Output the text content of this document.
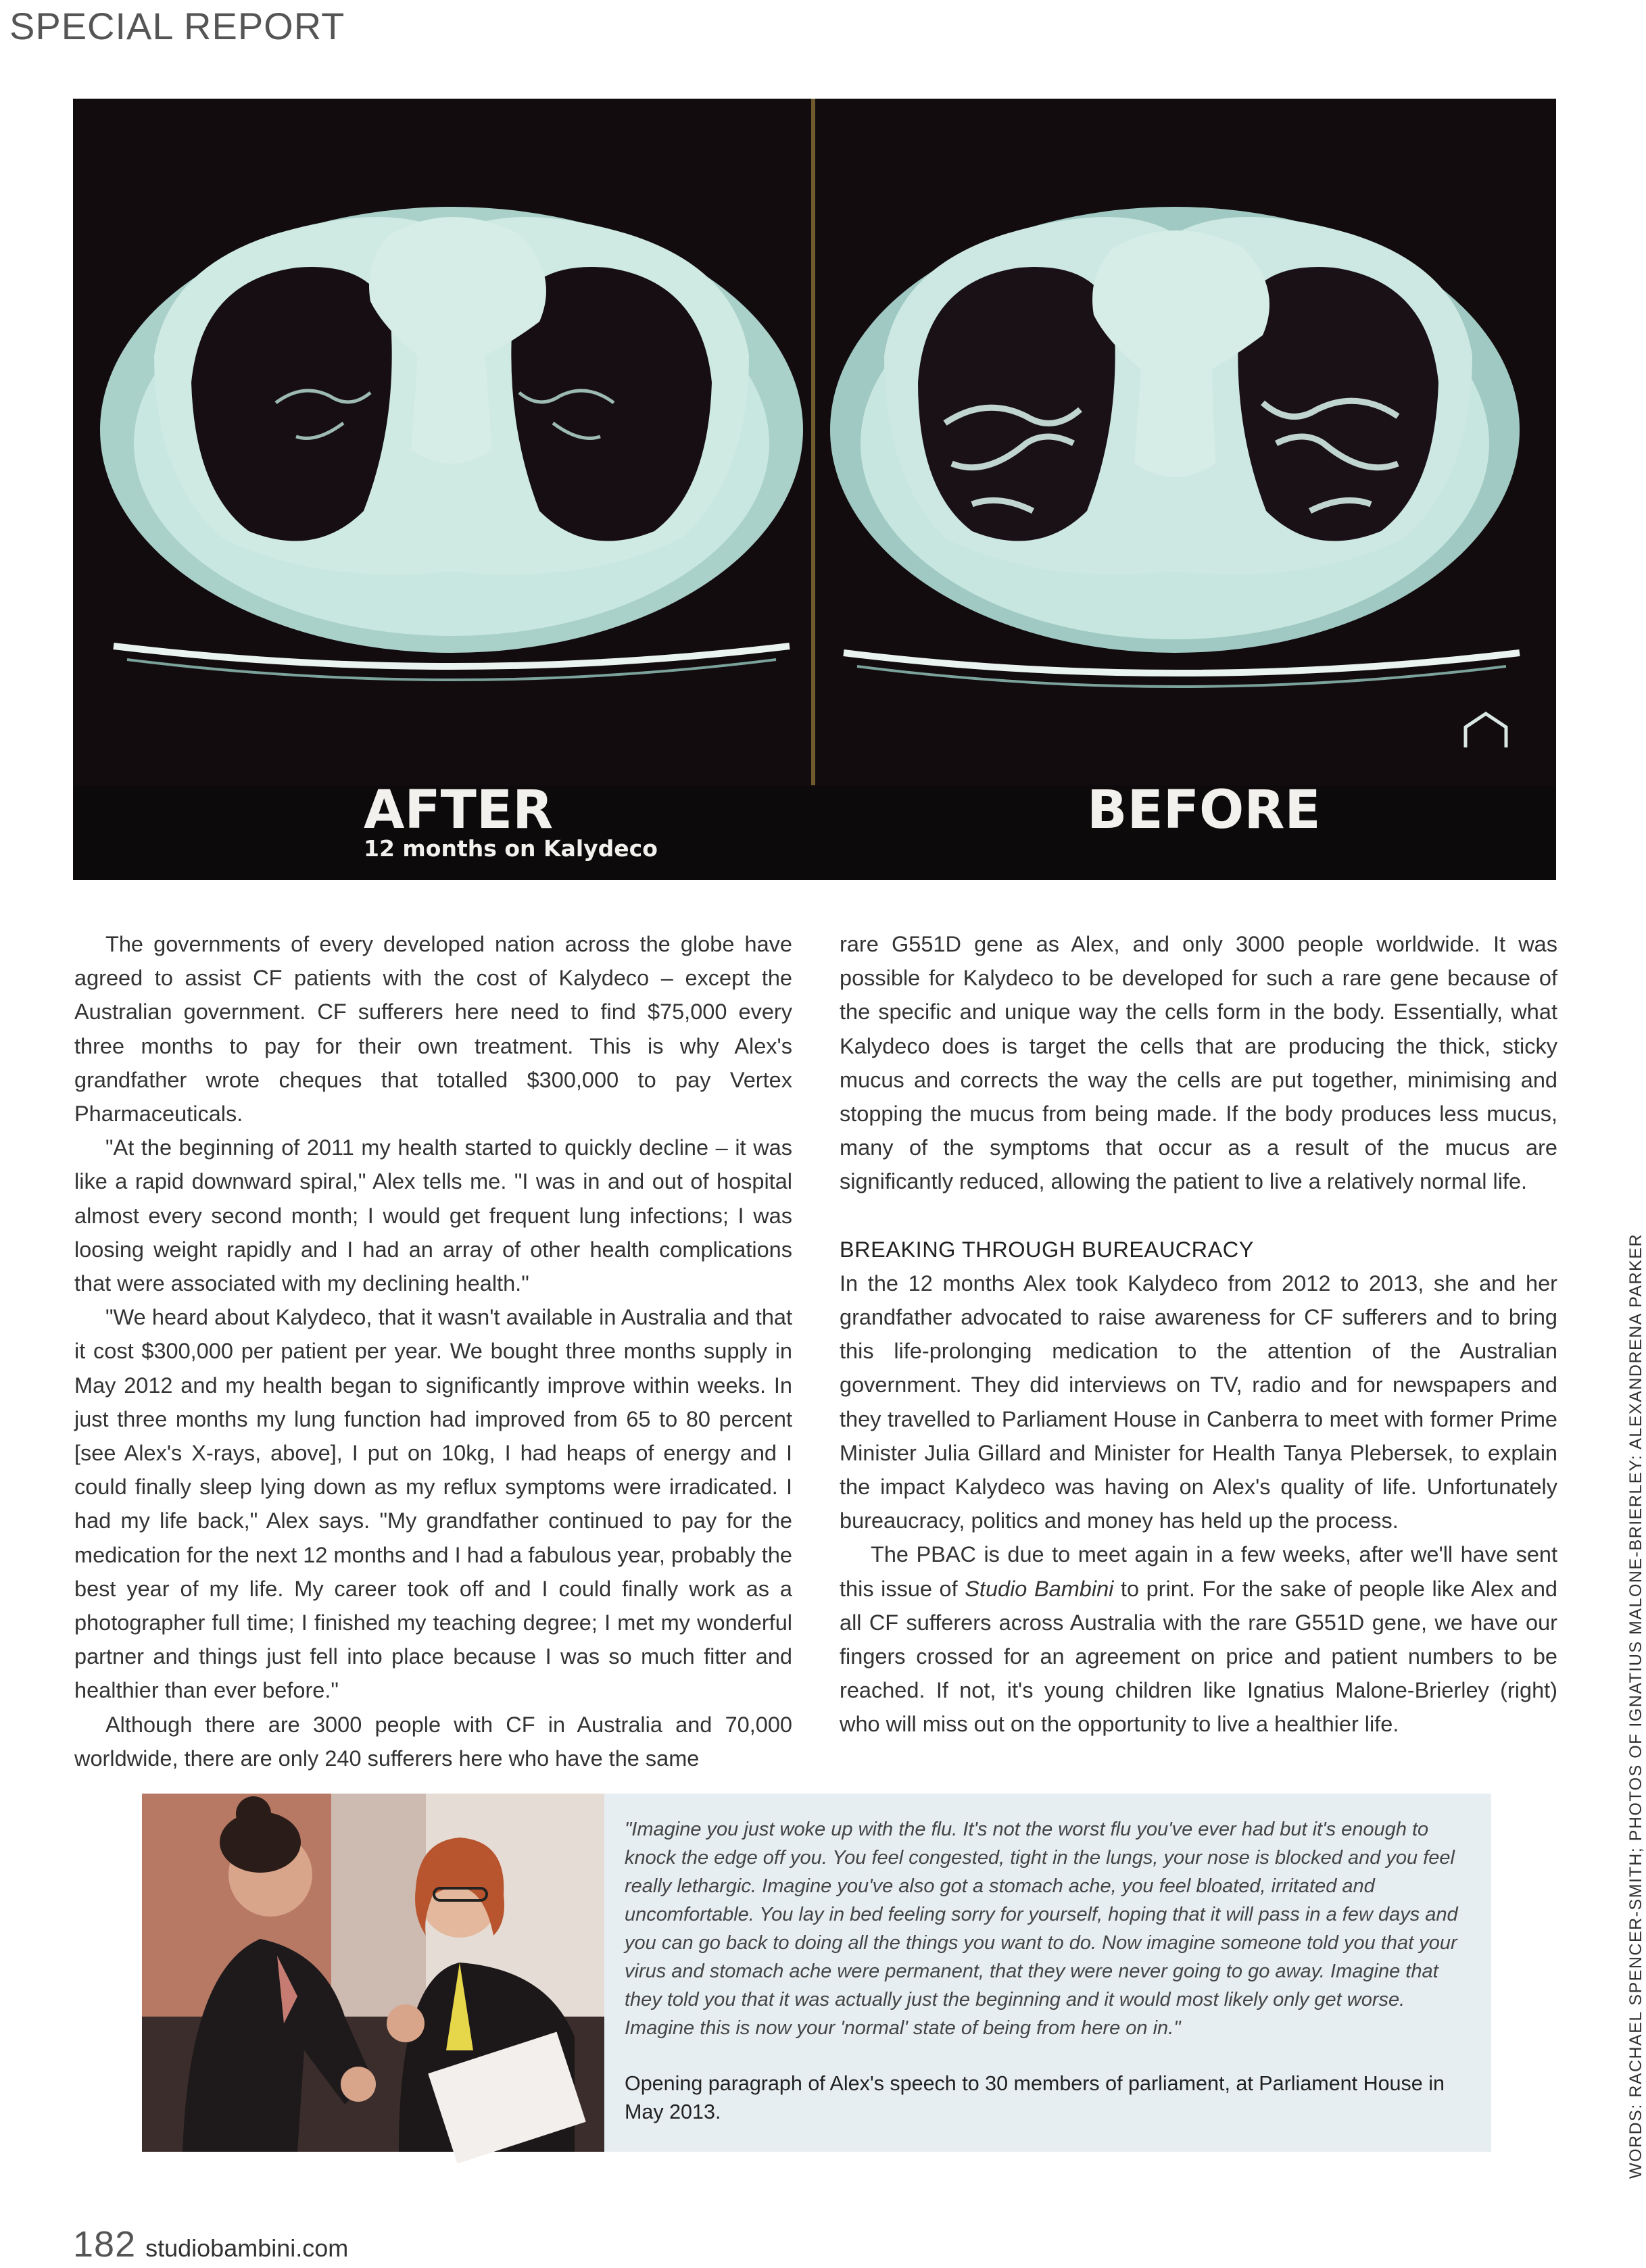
SPECIAL REPORT
AFTER
12 months on Kalydeco
BEFORE

The governments of every developed nation across the globe have agreed to assist CF patients with the cost of Kalydeco – except the Australian government. CF sufferers here need to find $75,000 every three months to pay for their own treatment. This is why Alex's grandfather wrote cheques that totalled $300,000 to pay Vertex Pharmaceuticals.

"At the beginning of 2011 my health started to quickly decline – it was like a rapid downward spiral," Alex tells me. "I was in and out of hospital almost every second month; I would get frequent lung infections; I was loosing weight rapidly and I had an array of other health complications that were associated with my declining health."

"We heard about Kalydeco, that it wasn't available in Australia and that it cost $300,000 per patient per year. We bought three months supply in May 2012 and my health began to significantly improve within weeks. In just three months my lung function had improved from 65 to 80 percent [see Alex's X-rays, above], I put on 10kg, I had heaps of energy and I could finally sleep lying down as my reflux symptoms were irradicated. I had my life back," Alex says. "My grandfather continued to pay for the medication for the next 12 months and I had a fabulous year, probably the best year of my life. My career took off and I could finally work as a photographer full time; I finished my teaching degree; I met my wonderful partner and things just fell into place because I was so much fitter and healthier than ever before."

Although there are 3000 people with CF in Australia and 70,000 worldwide, there are only 240 sufferers here who have the same

rare G551D gene as Alex, and only 3000 people worldwide. It was possible for Kalydeco to be developed for such a rare gene because of the specific and unique way the cells form in the body. Essentially, what Kalydeco does is target the cells that are producing the thick, sticky mucus and corrects the way the cells are put together, minimising and stopping the mucus from being made. If the body produces less mucus, many of the symptoms that occur as a result of the mucus are significantly reduced, allowing the patient to live a relatively normal life.

BREAKING THROUGH BUREAUCRACY

In the 12 months Alex took Kalydeco from 2012 to 2013, she and her grandfather advocated to raise awareness for CF sufferers and to bring this life-prolonging medication to the attention of the Australian government. They did interviews on TV, radio and for newspapers and they travelled to Parliament House in Canberra to meet with former Prime Minister Julia Gillard and Minister for Health Tanya Plebersek, to explain the impact Kalydeco was having on Alex's quality of life. Unfortunately bureaucracy, politics and money has held up the process.

The PBAC is due to meet again in a few weeks, after we'll have sent this issue of Studio Bambini to print. For the sake of people like Alex and all CF sufferers across Australia with the rare G551D gene, we have our fingers crossed for an agreement on price and patient numbers to be reached. If not, it's young children like Ignatius Malone-Brierley (right) who will miss out on the opportunity to live a healthier life.

"Imagine you just woke up with the flu. It's not the worst flu you've ever had but it's enough to knock the edge off you. You feel congested, tight in the lungs, your nose is blocked and you feel really lethargic. Imagine you've also got a stomach ache, you feel bloated, irritated and uncomfortable. You lay in bed feeling sorry for yourself, hoping that it will pass in a few days and you can go back to doing all the things you want to do. Now imagine someone told you that your virus and stomach ache were permanent, that they were never going to go away. Imagine that they told you that it was actually just the beginning and it would most likely only get worse. Imagine this is now your 'normal' state of being from here on in."

Opening paragraph of Alex's speech to 30 members of parliament, at Parliament House in May 2013.	WORDS: RACHAEL SPENCER-SMITH; PHOTOS OF IGNATIUS MALONE-BRIERLEY: ALEXANDRENA PARKER
182 studiobambini.com
